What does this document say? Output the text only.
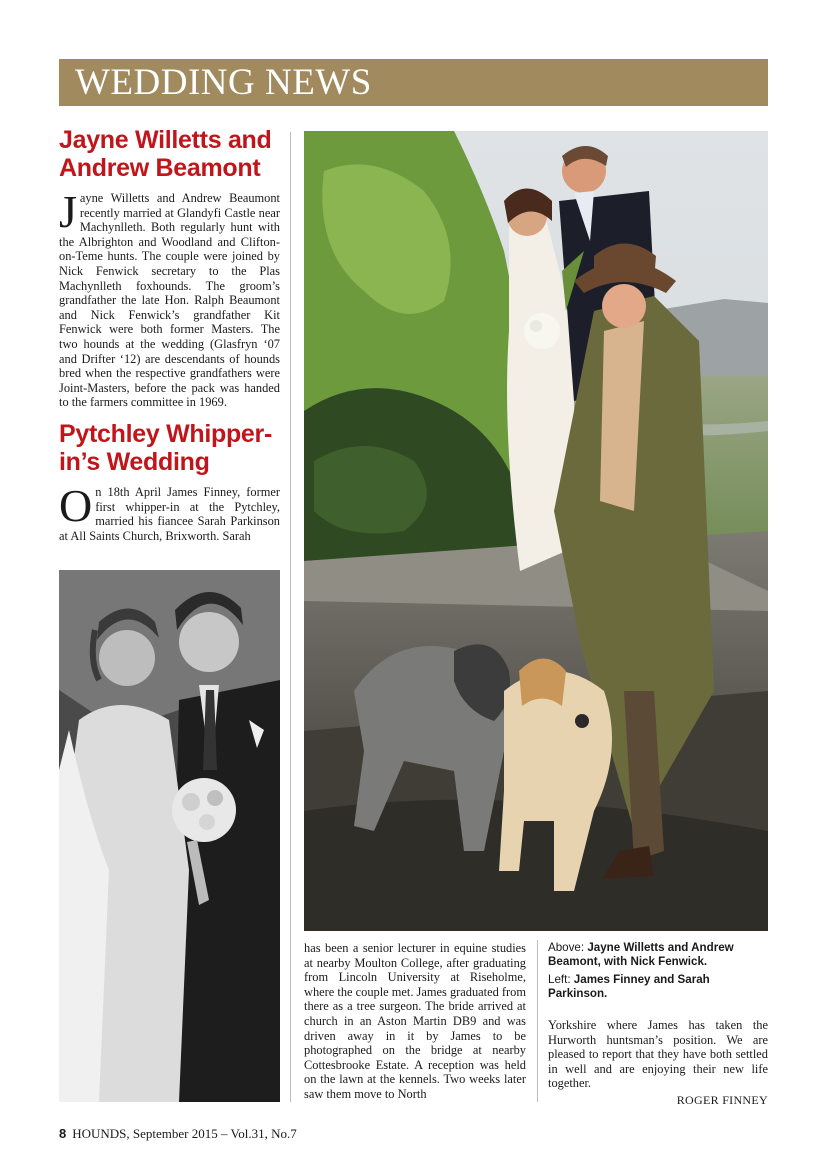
WEDDING NEWS
Jayne Willetts and Andrew Beamont

Jayne Willetts and Andrew Beaumont recently married at Glandyfi Castle near Machynlleth. Both regularly hunt with the Albrighton and Woodland and Clifton-on-Teme hunts. The couple were joined by Nick Fenwick secretary to the Plas Machynlleth foxhounds. The groom’s grandfather the late Hon. Ralph Beaumont and Nick Fenwick’s grandfather Kit Fenwick were both former Masters. The two hounds at the wedding (Glasfryn ‘07 and Drifter ‘12) are descendants of hounds bred when the respective grandfathers were Joint-Masters, before the pack was handed to the farmers committee in 1969.

Pytchley Whipper-in’s Wedding

On 18th April James Finney, former first whipper-in at the Pytchley, married his fiancee Sarah Parkinson at All Saints Church, Brixworth. Sarah

has been a senior lecturer in equine studies at nearby Moulton College, after graduating from Lincoln University at Riseholme, where the couple met. James graduated from there as a tree surgeon. The bride arrived at church in an Aston Martin DB9 and was driven away in it by James to be photographed on the bridge at nearby Cottesbrooke Estate. A reception was held on the lawn at the kennels. Two weeks later saw them move to North

Above: Jayne Willetts and Andrew Beamont, with Nick Fenwick.

Left: James Finney and Sarah Parkinson.

Yorkshire where James has taken the Hurworth huntsman’s position. We are pleased to report that they have both settled in well and are enjoying their new life together.

ROGER FINNEY
8 HOUNDS, September 2015 – Vol.31, No.7
